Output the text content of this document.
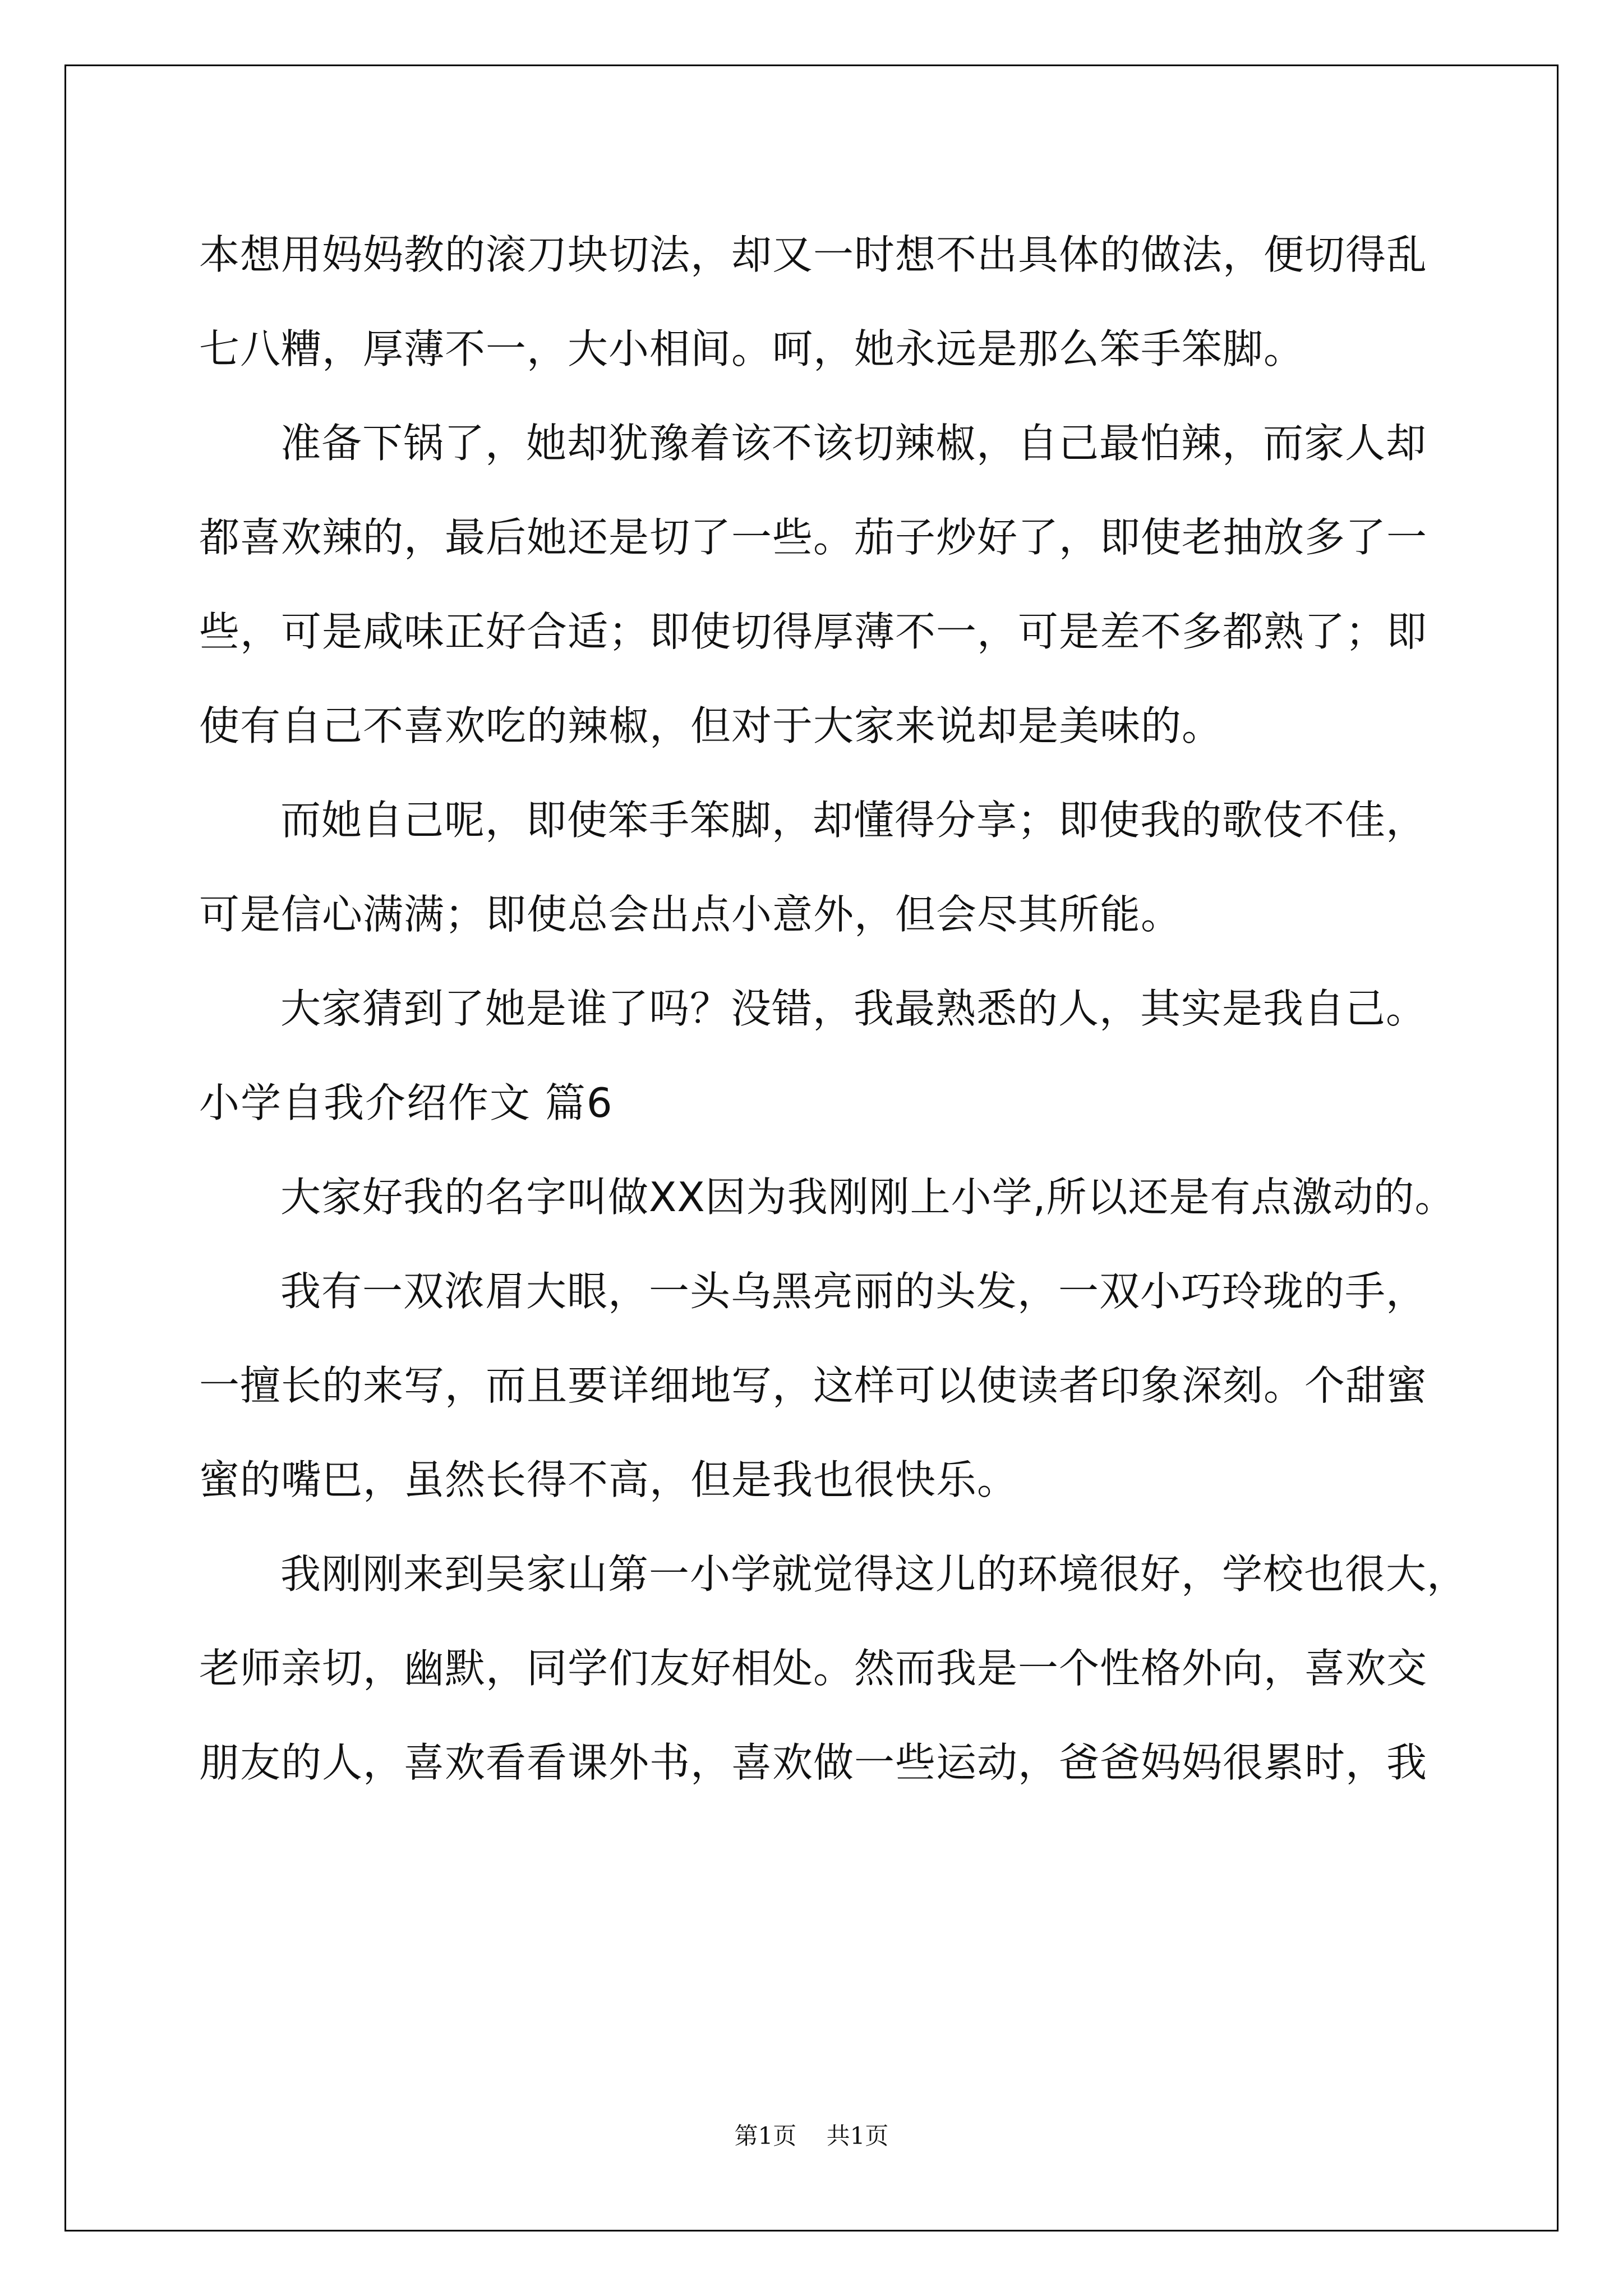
本想用妈妈教的滚刀块切法，却又一时想不出具体的做法，便切得乱
七八糟，厚薄不一，大小相间。呵，她永远是那么笨手笨脚。
准备下锅了，她却犹豫着该不该切辣椒，自己最怕辣，而家人却
都喜欢辣的，最后她还是切了一些。茄子炒好了，即使老抽放多了一
些，可是咸味正好合适；即使切得厚薄不一，可是差不多都熟了；即
使有自己不喜欢吃的辣椒，但对于大家来说却是美味的。
而她自己呢，即使笨手笨脚，却懂得分享；即使我的歌伎不佳，
可是信心满满；即使总会出点小意外，但会尽其所能。
大家猜到了她是谁了吗？没错，我最熟悉的人，其实是我自己。
小学自我介绍作文 篇6
大家好我的名字叫做XX因为我刚刚上小学,所以还是有点激动的。
我有一双浓眉大眼，一头乌黑亮丽的头发，一双小巧玲珑的手，
一擅长的来写，而且要详细地写，这样可以使读者印象深刻。个甜蜜
蜜的嘴巴，虽然长得不高，但是我也很快乐。
我刚刚来到吴家山第一小学就觉得这儿的环境很好，学校也很大，
老师亲切，幽默，同学们友好相处。然而我是一个性格外向，喜欢交
朋友的人，喜欢看看课外书，喜欢做一些运动，爸爸妈妈很累时，我
第1页 共1页
